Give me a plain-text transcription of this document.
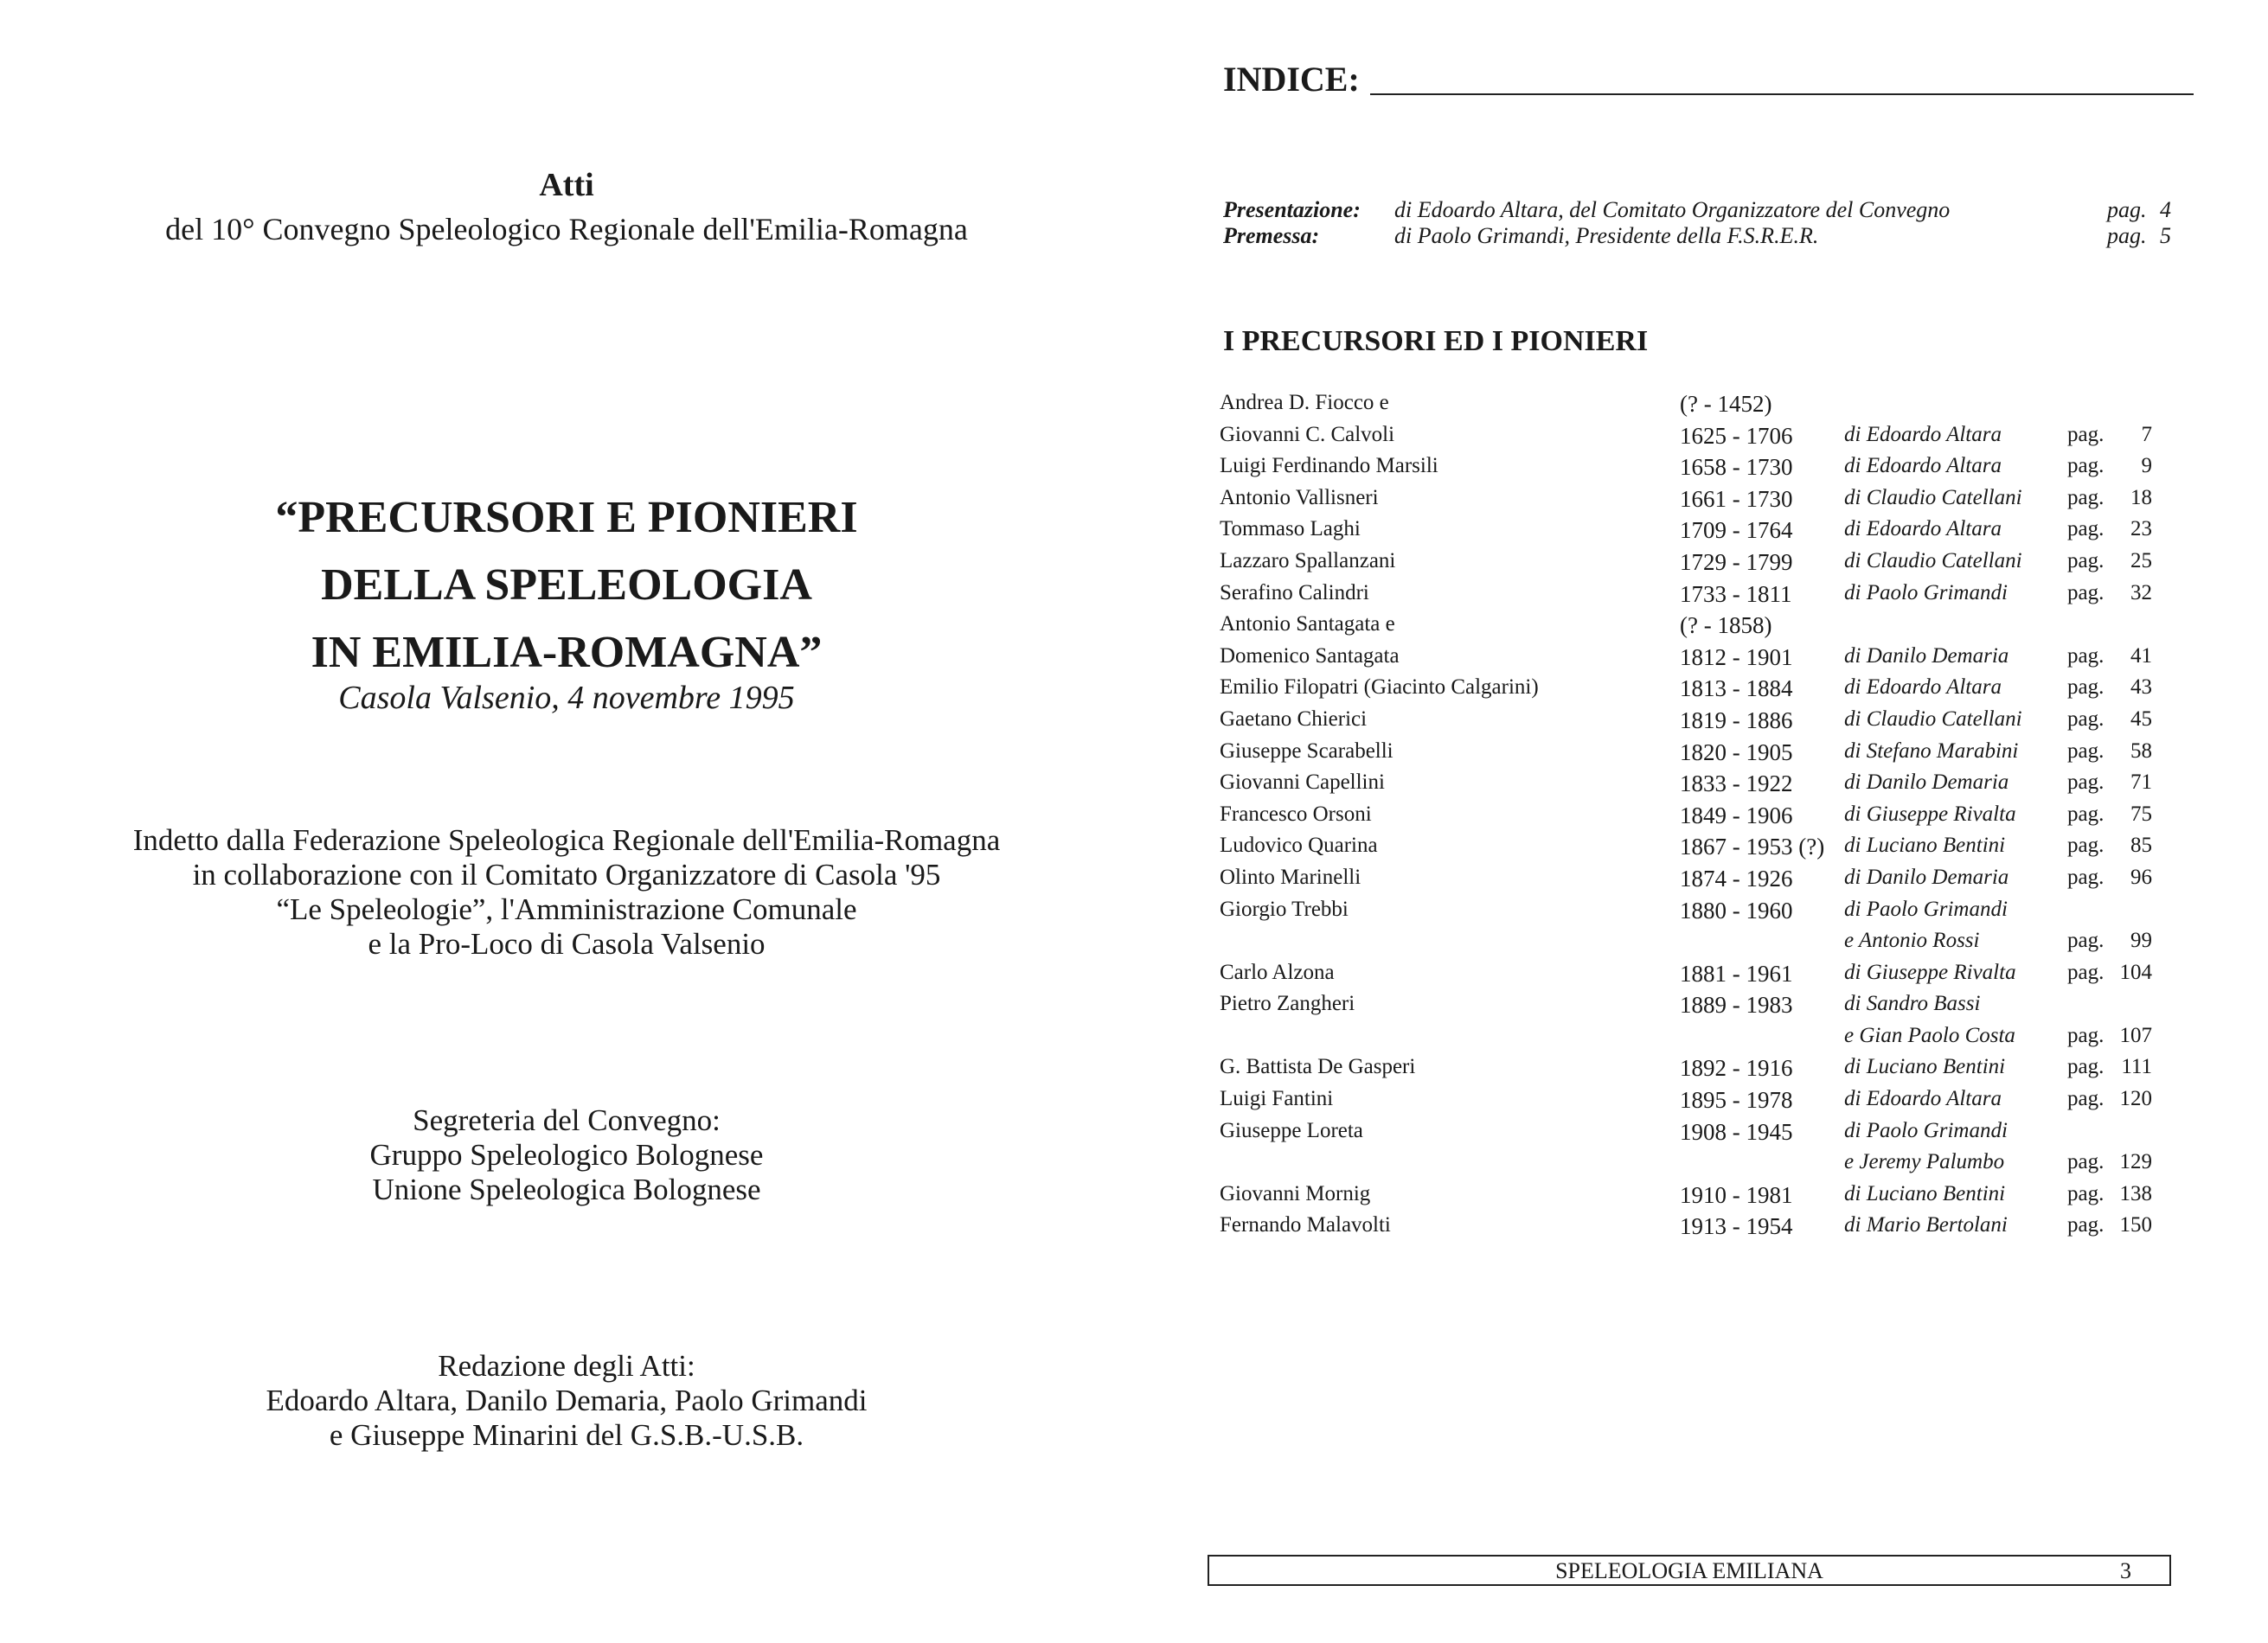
Atti
del 10° Convegno Speleologico Regionale dell'Emilia-Romagna
“PRECURSORI E PIONIERI
DELLA SPELEOLOGIA
IN EMILIA-ROMAGNA”
Casola Valsenio, 4 novembre 1995
Indetto dalla Federazione Speleologica Regionale dell'Emilia-Romagna
in collaborazione con il Comitato Organizzatore di Casola '95
“Le Speleologie”, l'Amministrazione Comunale
e la Pro-Loco di Casola Valsenio
Segreteria del Convegno:
Gruppo Speleologico Bolognese
Unione Speleologica Bolognese
Redazione degli Atti:
Edoardo Altara, Danilo Demaria, Paolo Grimandi
e Giuseppe Minarini del G.S.B.-U.S.B.
INDICE:
Presentazione: di Edoardo Altara, del Comitato Organizzatore del Convegno	pag. 4
Premessa:	di Paolo Grimandi, Presidente della F.S.R.E.R.	pag. 5
I PRECURSORI ED I PIONIERI
Andrea D. Fiocco e	(? - 1452)
Giovanni C. Calvoli	1625 - 1706 di Edoardo Altara	pag.	7
Luigi Ferdinando Marsili	1658 - 1730 di Edoardo Altara	pag.	9
Antonio Vallisneri	1661 - 1730 di Claudio Catellani pag.	18
Tommaso Laghi	1709 - 1764 di Edoardo Altara	pag.	23
Lazzaro Spallanzani	1729 - 1799 di Claudio Catellani pag.	25
Serafino Calindri	1733 - 1811 di Paolo Grimandi	pag.	32
Antonio Santagata e	(? - 1858)
Domenico Santagata	1812 - 1901 di Danilo Demaria	pag.	41
Emilio Filopatri (Giacinto Calgarini)	1813 - 1884 di Edoardo Altara	pag.	43
Gaetano Chierici	1819 - 1886 di Claudio Catellani pag.	45
Giuseppe Scarabelli	1820 - 1905 di Stefano Marabini pag.	58
Giovanni Capellini	1833 - 1922 di Danilo Demaria	pag.	71
Francesco Orsoni	1849 - 1906 di Giuseppe Rivalta pag.	75
Ludovico Quarina	1867 - 1953 (?) di Luciano Bentini	pag.	85
Olinto Marinelli	1874 - 1926 di Danilo Demaria	pag.	96
Giorgio Trebbi	1880 - 1960 di Paolo Grimandi
e Antonio Rossi	pag.	99
Carlo Alzona	1881 - 1961 di Giuseppe Rivalta pag. 104
Pietro Zangheri	1889 - 1983 di Sandro Bassi
e Gian Paolo Costa pag. 107
G. Battista De Gasperi	1892 - 1916 di Luciano Bentini	pag. 111
Luigi Fantini	1895 - 1978 di Edoardo Altara	pag. 120
Giuseppe Loreta	1908 - 1945 di Paolo Grimandi
e Jeremy Palumbo	pag. 129
Giovanni Mornig	1910 - 1981 di Luciano Bentini	pag. 138
Fernando Malavolti	1913 - 1954 di Mario Bertolani	pag. 150
SPELEOLOGIA EMILIANA	3
